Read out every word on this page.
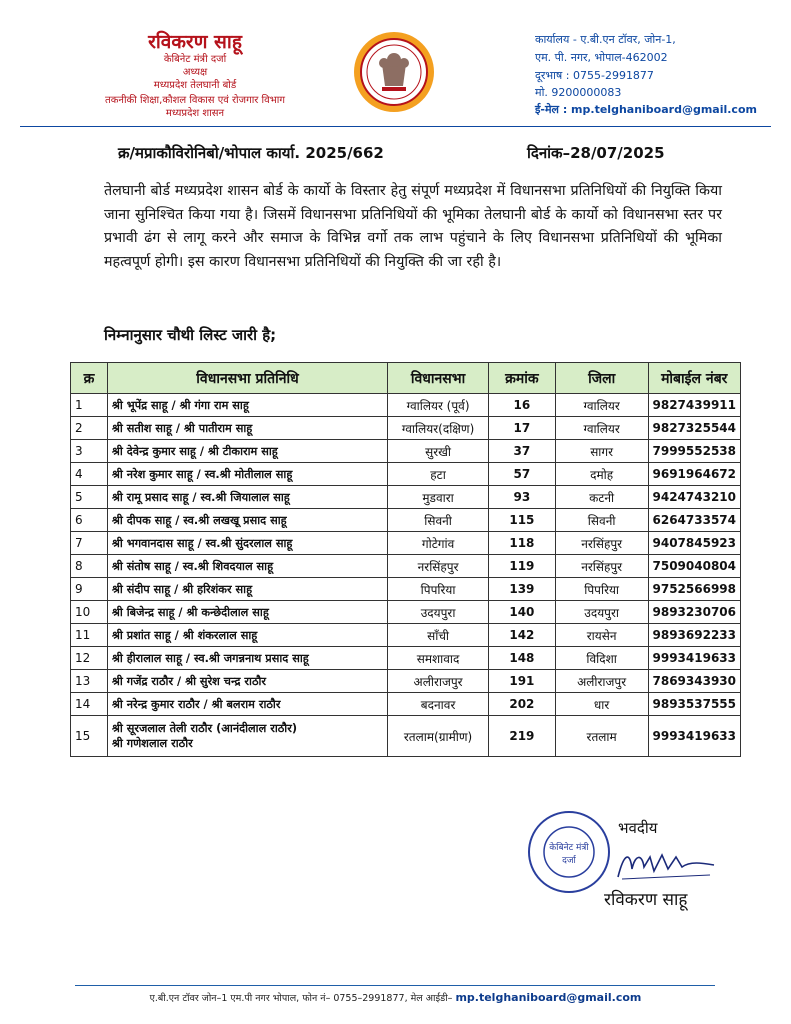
रविकरण साहू
केबिनेट मंत्री दर्जा
अध्यक्ष
मध्यप्रदेश तेलघानी बोर्ड
तकनीकी शिक्षा,कौशल विकास एवं रोजगार विभाग
मध्यप्रदेश शासन
कार्यालय - ए.बी.एन टॉवर, जोन-1,
एम. पी. नगर, भोपाल-462002
दूरभाष : 0755-2991877
मो. 9200000083
ई-मेल : mp.telghaniboard@gmail.com
क्र/मप्राकौविरोनिबो/भोपाल कार्या. 2025/662	दिनांक–28/07/2025
तेलघानी बोर्ड मध्यप्रदेश शासन बोर्ड के कार्यो के विस्तार हेतु संपूर्ण मध्यप्रदेश में विधानसभा प्रतिनिधियों की नियुक्ति किया जाना सुनिश्चित किया गया है। जिसमें विधानसभा प्रतिनिधियों की भूमिका तेलघानी बोर्ड के कार्यो को विधानसभा स्तर पर प्रभावी ढंग से लागू करने और समाज के विभिन्न वर्गो तक लाभ पहुंचाने के लिए विधानसभा प्रतिनिधियों की भूमिका महत्वपूर्ण होगी। इस कारण विधानसभा प्रतिनिधियों की नियुक्ति की जा रही है।
निम्नानुसार चौथी लिस्ट जारी है;
क्र	विधानसभा प्रतिनिधि	विधानसभा	क्रमांक	जिला	मोबाईल नंबर
1	श्री भूपेंद्र साहू / श्री गंगा राम साहू	ग्वालियर (पूर्व)	16	ग्वालियर	9827439911
2	श्री सतीश साहू / श्री पातीराम साहू	ग्वालियर(दक्षिण)	17	ग्वालियर	9827325544
3	श्री देवेन्द्र कुमार साहू / श्री टीकाराम साहू	सुरखी	37	सागर	7999552538
4	श्री नरेश कुमार साहू / स्व.श्री मोतीलाल साहू	हटा	57	दमोह	9691964672
5	श्री रामू प्रसाद साहू / स्व.श्री जियालाल साहू	मुडवारा	93	कटनी	9424743210
6	श्री दीपक साहू / स्व.श्री लखखू प्रसाद साहू	सिवनी	115	सिवनी	6264733574
7	श्री भगवानदास साहू / स्व.श्री सुंदरलाल साहू	गोटेगांव	118	नरसिंहपुर	9407845923
8	श्री संतोष साहू / स्व.श्री शिवदयाल साहू	नरसिंहपुर	119	नरसिंहपुर	7509040804
9	श्री संदीप साहू / श्री हरिशंकर साहू	पिपरिया	139	पिपरिया	9752566998
10	श्री बिजेन्द्र साहू / श्री कन्छेदीलाल साहू	उदयपुरा	140	उदयपुरा	9893230706
11	श्री प्रशांत साहू / श्री शंकरलाल साहू	सॉंची	142	रायसेन	9893692233
12	श्री हीरालाल साहू / स्व.श्री जगन्ननाथ प्रसाद साहू	समशावाद	148	विदिशा	9993419633
13	श्री गजेंद्र राठौर / श्री सुरेश चन्द्र राठौर	अलीराजपुर	191	अलीराजपुर	7869343930
14	श्री नरेन्द्र कुमार राठौर / श्री बलराम राठौर	बदनावर	202	धार	9893537555
15	श्री सूरजलाल तेली राठौर (आनंदीलाल राठौर)
श्री गणेशलाल राठौर	रतलाम(ग्रामीण)	219	रतलाम	9993419633
केबिनेट मंत्री
दर्जा
भवदीय
रविकरण साहू
ए.बी.एन टॉवर जोन–1 एम.पी नगर भोपाल, फोन नं– 0755–2991877, मेल आईडी– mp.telghaniboard@gmail.com
